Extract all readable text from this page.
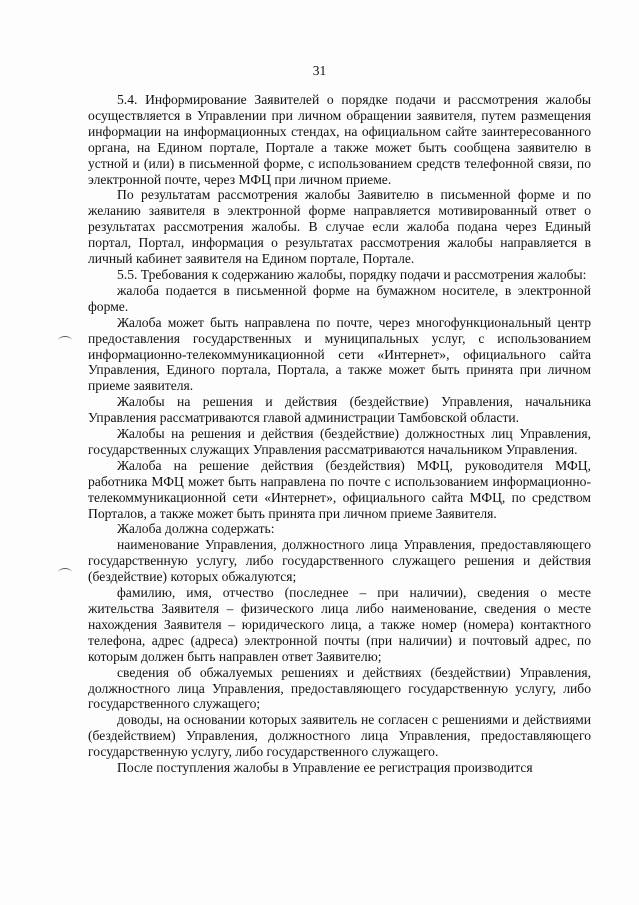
31

5.4. Информирование Заявителей о порядке подачи и рассмотрения жалобы осуществляется в Управлении при личном обращении заявителя, путем размещения информации на информационных стендах, на официальном сайте заинтересованного органа, на Едином портале, Портале а также может быть сообщена заявителю в устной и (или) в письменной форме, с использованием средств телефонной связи, по электронной почте, через МФЦ при личном приеме.

По результатам рассмотрения жалобы Заявителю в письменной форме и по желанию заявителя в электронной форме направляется мотивированный ответ о результатах рассмотрения жалобы. В случае если жалоба подана через Единый портал, Портал, информация о результатах рассмотрения жалобы направляется в личный кабинет заявителя на Едином портале, Портале.

5.5. Требования к содержанию жалобы, порядку подачи и рассмотрения жалобы:

жалоба подается в письменной форме на бумажном носителе, в электронной форме.

Жалоба может быть направлена по почте, через многофункциональный центр предоставления государственных и муниципальных услуг, с использованием информационно-телекоммуникационной сети «Интернет», официального сайта Управления, Единого портала, Портала, а также может быть принята при личном приеме заявителя.

Жалобы на решения и действия (бездействие) Управления, начальника Управления рассматриваются главой администрации Тамбовской области.

Жалобы на решения и действия (бездействие) должностных лиц Управления, государственных служащих Управления рассматриваются начальником Управления.

Жалоба на решение действия (бездействия) МФЦ, руководителя МФЦ, работника МФЦ может быть направлена по почте с использованием информационно-телекоммуникационной сети «Интернет», официального сайта МФЦ, по средством Порталов, а также может быть принята при личном приеме Заявителя.

Жалоба должна содержать:

наименование Управления, должностного лица Управления, предоставляющего государственную услугу, либо государственного служащего решения и действия (бездействие) которых обжалуются;

фамилию, имя, отчество (последнее – при наличии), сведения о месте жительства Заявителя – физического лица либо наименование, сведения о месте нахождения Заявителя – юридического лица, а также номер (номера) контактного телефона, адрес (адреса) электронной почты (при наличии) и почтовый адрес, по которым должен быть направлен ответ Заявителю;

сведения об обжалуемых решениях и действиях (бездействии) Управления, должностного лица Управления, предоставляющего государственную услугу, либо государственного служащего;

доводы, на основании которых заявитель не согласен с решениями и действиями (бездействием) Управления, должностного лица Управления, предоставляющего государственную услугу, либо государственного служащего.

После поступления жалобы в Управление ее регистрация производится
